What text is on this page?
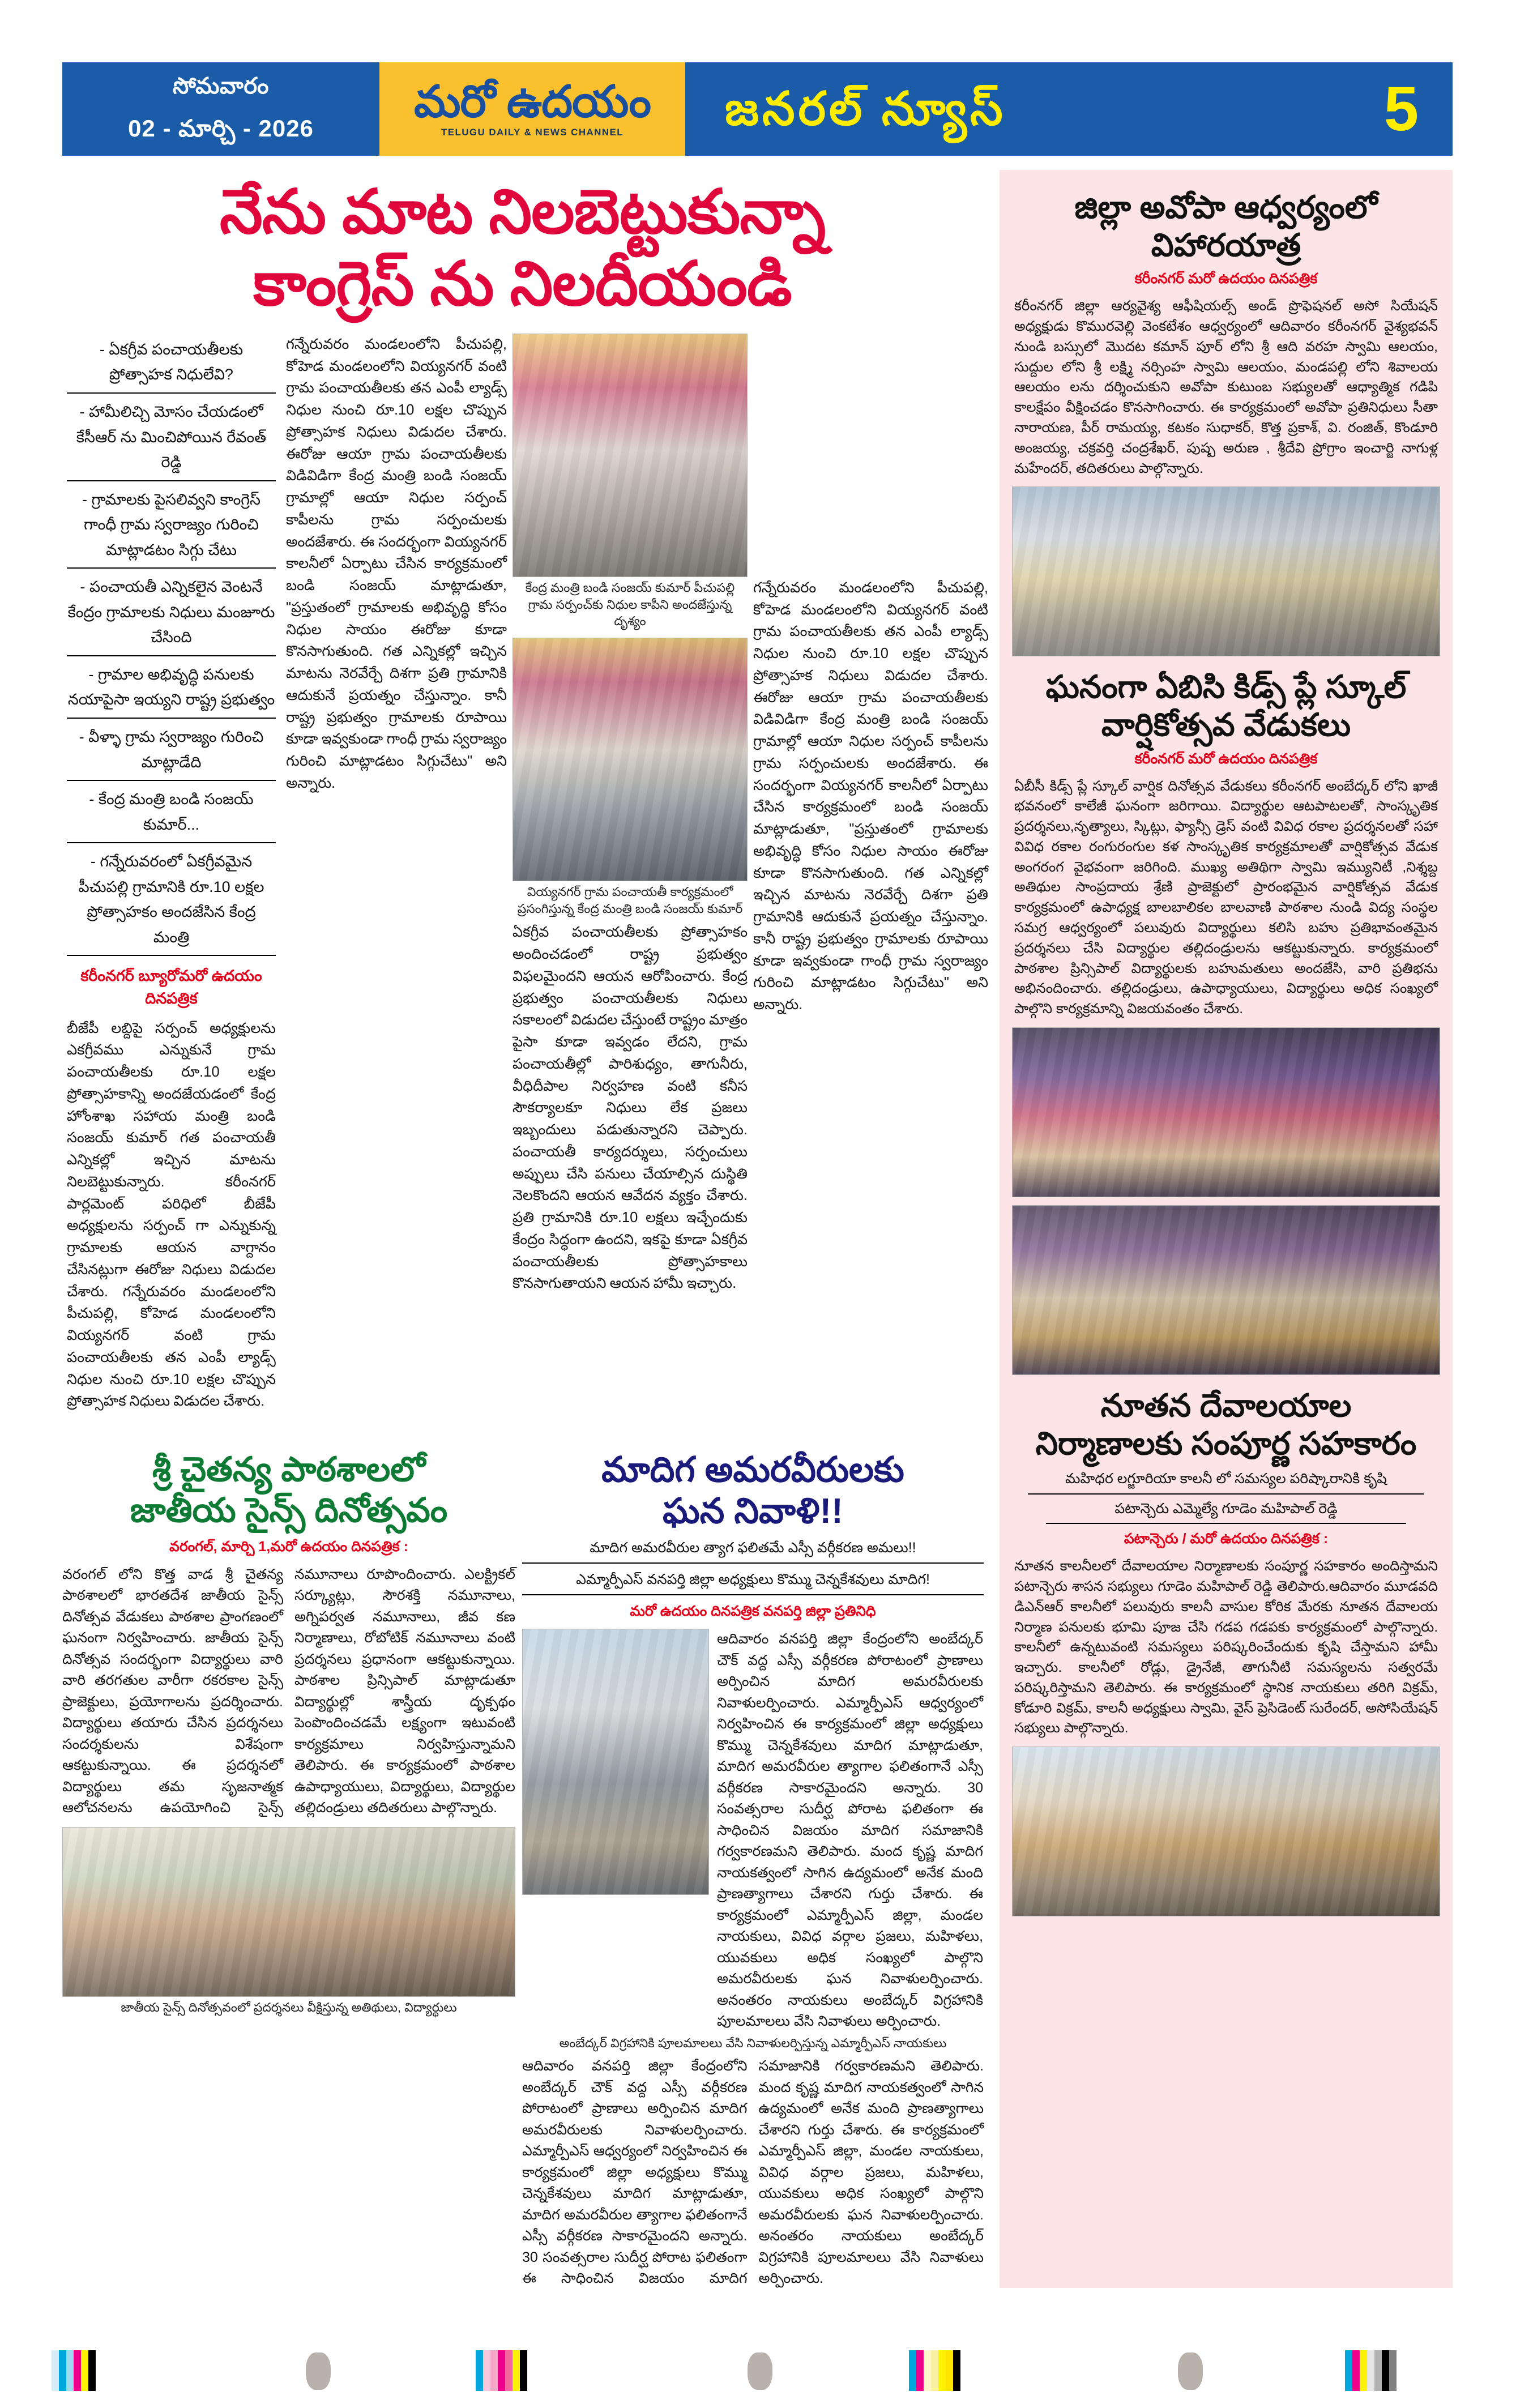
సోమవారం
02 - మార్చి - 2026
మరో ఉదయం
TELUGU DAILY & NEWS CHANNEL జనరల్ న్యూస్	5
నేను మాట నిలబెట్టుకున్నా
కాంగ్రెస్ ను నిలదీయండి
- ఏకగ్రీవ పంచాయతీలకు ప్రోత్సాహక నిధులేవి?
- హామీలిచ్చి మోసం చేయడంలో కేసీఆర్ ను మించిపోయిన రేవంత్ రెడ్డి
- గ్రామాలకు పైసలివ్వని కాంగ్రెస్ గాంధీ గ్రామ స్వరాజ్యం గురించి మాట్లాడటం సిగ్గు చేటు
- పంచాయతీ ఎన్నికలైన వెంటనే కేంద్రం గ్రామాలకు నిధులు మంజూరు చేసింది
- గ్రామాల అభివృద్ధి పనులకు నయాపైసా ఇయ్యని రాష్ట్ర ప్రభుత్వం
- వీళ్ళా గ్రామ స్వరాజ్యం గురించి మాట్లాడేది
- కేంద్ర మంత్రి బండి సంజయ్ కుమార్...
- గన్నేరువరంలో ఏకగ్రీవమైన పీచుపల్లి గ్రామానికి రూ.10 లక్షల ప్రోత్సాహకం అందజేసిన కేంద్ర మంత్రి
కరీంనగర్ బ్యూరోమరో ఉదయం దినపత్రిక
బీజేపీ లబ్దిపై సర్పంచ్ అధ్యక్షులను ఎకగ్రీవము ఎన్నుకునే గ్రామ పంచాయతీలకు రూ.10 లక్షల ప్రోత్సాహకాన్ని అందజేయడంలో కేంద్ర హోంశాఖ సహాయ మంత్రి బండి సంజయ్ కుమార్ గత పంచాయతీ ఎన్నికల్లో ఇచ్చిన మాటను నిలబెట్టుకున్నారు. కరీంనగర్ పార్లమెంట్ పరిధిలో బీజేపీ అధ్యక్షులను సర్పంచ్ గా ఎన్నుకున్న గ్రామాలకు ఆయన వాగ్దానం చేసినట్లుగా ఈరోజు నిధులు విడుదల చేశారు. గన్నేరువరం మండలంలోని పీచుపల్లి, కోహెడ మండలంలోని వియ్యనగర్ వంటి గ్రామ పంచాయతీలకు తన ఎంపీ ల్యాడ్స్ నిధుల నుంచి రూ.10 లక్షల చొప్పున ప్రోత్సాహక నిధులు విడుదల చేశారు.
గన్నేరువరం మండలంలోని పీచుపల్లి, కోహెడ మండలంలోని వియ్యనగర్ వంటి గ్రామ పంచాయతీలకు తన ఎంపీ ల్యాడ్స్ నిధుల నుంచి రూ.10 లక్షల చొప్పున ప్రోత్సాహక నిధులు విడుదల చేశారు. ఈరోజు ఆయా గ్రామ పంచాయతీలకు విడివిడిగా కేంద్ర మంత్రి బండి సంజయ్ గ్రామాల్లో ఆయా నిధుల సర్పంచ్ కాపీలను గ్రామ సర్పంచులకు అందజేశారు. ఈ సందర్భంగా వియ్యనగర్ కాలనీలో ఏర్పాటు చేసిన కార్యక్రమంలో బండి సంజయ్ మాట్లాడుతూ, "ప్రస్తుతంలో గ్రామాలకు అభివృద్ధి కోసం నిధుల సాయం ఈరోజు కూడా కొనసాగుతుంది. గత ఎన్నికల్లో ఇచ్చిన మాటను నెరవేర్చే దిశగా ప్రతి గ్రామానికి ఆదుకునే ప్రయత్నం చేస్తున్నాం. కానీ రాష్ట్ర ప్రభుత్వం గ్రామాలకు రూపాయి కూడా ఇవ్వకుండా గాంధీ గ్రామ స్వరాజ్యం గురించి మాట్లాడటం సిగ్గుచేటు" అని అన్నారు.
కేంద్ర మంత్రి బండి సంజయ్ కుమార్ పీచుపల్లి గ్రామ సర్పంచ్‌కు నిధుల కాపీని అందజేస్తున్న దృశ్యం
వియ్యనగర్ గ్రామ పంచాయతీ కార్యక్రమంలో ప్రసంగిస్తున్న కేంద్ర మంత్రి బండి సంజయ్ కుమార్
ఏకగ్రీవ పంచాయతీలకు ప్రోత్సాహకం అందించడంలో రాష్ట్ర ప్రభుత్వం విఫలమైందని ఆయన ఆరోపించారు. కేంద్ర ప్రభుత్వం పంచాయతీలకు నిధులు సకాలంలో విడుదల చేస్తుంటే రాష్ట్రం మాత్రం పైసా కూడా ఇవ్వడం లేదని, గ్రామ పంచాయతీల్లో పారిశుధ్యం, తాగునీరు, వీధిదీపాల నిర్వహణ వంటి కనీస సౌకర్యాలకూ నిధులు లేక ప్రజలు ఇబ్బందులు పడుతున్నారని చెప్పారు. పంచాయతీ కార్యదర్శులు, సర్పంచులు అప్పులు చేసి పనులు చేయాల్సిన దుస్థితి నెలకొందని ఆయన ఆవేదన వ్యక్తం చేశారు. ప్రతి గ్రామానికి రూ.10 లక్షలు ఇచ్చేందుకు కేంద్రం సిద్ధంగా ఉందని, ఇకపై కూడా ఏకగ్రీవ పంచాయతీలకు ప్రోత్సాహకాలు కొనసాగుతాయని ఆయన హామీ ఇచ్చారు.
గన్నేరువరం మండలంలోని పీచుపల్లి, కోహెడ మండలంలోని వియ్యనగర్ వంటి గ్రామ పంచాయతీలకు తన ఎంపీ ల్యాడ్స్ నిధుల నుంచి రూ.10 లక్షల చొప్పున ప్రోత్సాహక నిధులు విడుదల చేశారు. ఈరోజు ఆయా గ్రామ పంచాయతీలకు విడివిడిగా కేంద్ర మంత్రి బండి సంజయ్ గ్రామాల్లో ఆయా నిధుల సర్పంచ్ కాపీలను గ్రామ సర్పంచులకు అందజేశారు. ఈ సందర్భంగా వియ్యనగర్ కాలనీలో ఏర్పాటు చేసిన కార్యక్రమంలో బండి సంజయ్ మాట్లాడుతూ, "ప్రస్తుతంలో గ్రామాలకు అభివృద్ధి కోసం నిధుల సాయం ఈరోజు కూడా కొనసాగుతుంది. గత ఎన్నికల్లో ఇచ్చిన మాటను నెరవేర్చే దిశగా ప్రతి గ్రామానికి ఆదుకునే ప్రయత్నం చేస్తున్నాం. కానీ రాష్ట్ర ప్రభుత్వం గ్రామాలకు రూపాయి కూడా ఇవ్వకుండా గాంధీ గ్రామ స్వరాజ్యం గురించి మాట్లాడటం సిగ్గుచేటు" అని అన్నారు.
శ్రీ చైతన్య పాఠశాలలో
జాతీయ సైన్స్ దినోత్సవం
వరంగల్, మార్చి 1,మరో ఉదయం దినపత్రిక :
వరంగల్ లోని కొత్త వాడ శ్రీ చైతన్య పాఠశాలలో భారతదేశ జాతీయ సైన్స్ దినోత్సవ వేడుకలు పాఠశాల ప్రాంగణంలో ఘనంగా నిర్వహించారు. జాతీయ సైన్స్ దినోత్సవ సందర్భంగా విద్యార్థులు వారి వారి తరగతుల వారీగా రకరకాల సైన్స్ ప్రాజెక్టులు, ప్రయోగాలను ప్రదర్శించారు. విద్యార్థులు తయారు చేసిన ప్రదర్శనలు సందర్శకులను విశేషంగా ఆకట్టుకున్నాయి. ఈ ప్రదర్శనలో విద్యార్థులు తమ సృజనాత్మక ఆలోచనలను ఉపయోగించి సైన్స్ నమూనాలు రూపొందించారు. ఎలక్ట్రికల్ సర్క్యూట్లు, సౌరశక్తి నమూనాలు, అగ్నిపర్వత నమూనాలు, జీవ కణ నిర్మాణాలు, రోబోటిక్ నమూనాలు వంటి ప్రదర్శనలు ప్రధానంగా ఆకట్టుకున్నాయి. పాఠశాల ప్రిన్సిపాల్ మాట్లాడుతూ విద్యార్థుల్లో శాస్త్రీయ దృక్పథం పెంపొందించడమే లక్ష్యంగా ఇటువంటి కార్యక్రమాలు నిర్వహిస్తున్నామని తెలిపారు. ఈ కార్యక్రమంలో పాఠశాల ఉపాధ్యాయులు, విద్యార్థులు, విద్యార్థుల తల్లిదండ్రులు తదితరులు పాల్గొన్నారు.
జాతీయ సైన్స్ దినోత్సవంలో ప్రదర్శనలు వీక్షిస్తున్న అతిథులు, విద్యార్థులు
మాదిగ అమరవీరులకు
ఘన నివాళి!!
మాదిగ అమరవీరుల త్యాగ ఫలితమే ఎస్సీ వర్గీకరణ అమలు!!
ఎమ్మార్పీఎస్ వనపర్తి జిల్లా అధ్యక్షులు కొమ్ము చెన్నకేశవులు మాదిగ!
మరో ఉదయం దినపత్రిక వనపర్తి జిల్లా ప్రతినిధి
ఆదివారం వనపర్తి జిల్లా కేంద్రంలోని అంబేద్కర్ చౌక్ వద్ద ఎస్సీ వర్గీకరణ పోరాటంలో ప్రాణాలు అర్పించిన మాదిగ అమరవీరులకు నివాళులర్పించారు. ఎమ్మార్పీఎస్ ఆధ్వర్యంలో నిర్వహించిన ఈ కార్యక్రమంలో జిల్లా అధ్యక్షులు కొమ్ము చెన్నకేశవులు మాదిగ మాట్లాడుతూ, మాదిగ అమరవీరుల త్యాగాల ఫలితంగానే ఎస్సీ వర్గీకరణ సాకారమైందని అన్నారు. 30 సంవత్సరాల సుదీర్ఘ పోరాట ఫలితంగా ఈ సాధించిన విజయం మాదిగ సమాజానికి గర్వకారణమని తెలిపారు. మంద కృష్ణ మాదిగ నాయకత్వంలో సాగిన ఉద్యమంలో అనేక మంది ప్రాణత్యాగాలు చేశారని గుర్తు చేశారు. ఈ కార్యక్రమంలో ఎమ్మార్పీఎస్ జిల్లా, మండల నాయకులు, వివిధ వర్గాల ప్రజలు, మహిళలు, యువకులు అధిక సంఖ్యలో పాల్గొని అమరవీరులకు ఘన నివాళులర్పించారు. అనంతరం నాయకులు అంబేద్కర్ విగ్రహానికి పూలమాలలు వేసి నివాళులు అర్పించారు.
అంబేద్కర్ విగ్రహానికి పూలమాలలు వేసి నివాళులర్పిస్తున్న ఎమ్మార్పీఎస్ నాయకులు
ఆదివారం వనపర్తి జిల్లా కేంద్రంలోని అంబేద్కర్ చౌక్ వద్ద ఎస్సీ వర్గీకరణ పోరాటంలో ప్రాణాలు అర్పించిన మాదిగ అమరవీరులకు నివాళులర్పించారు. ఎమ్మార్పీఎస్ ఆధ్వర్యంలో నిర్వహించిన ఈ కార్యక్రమంలో జిల్లా అధ్యక్షులు కొమ్ము చెన్నకేశవులు మాదిగ మాట్లాడుతూ, మాదిగ అమరవీరుల త్యాగాల ఫలితంగానే ఎస్సీ వర్గీకరణ సాకారమైందని అన్నారు. 30 సంవత్సరాల సుదీర్ఘ పోరాట ఫలితంగా ఈ సాధించిన విజయం మాదిగ సమాజానికి గర్వకారణమని తెలిపారు. మంద కృష్ణ మాదిగ నాయకత్వంలో సాగిన ఉద్యమంలో అనేక మంది ప్రాణత్యాగాలు చేశారని గుర్తు చేశారు. ఈ కార్యక్రమంలో ఎమ్మార్పీఎస్ జిల్లా, మండల నాయకులు, వివిధ వర్గాల ప్రజలు, మహిళలు, యువకులు అధిక సంఖ్యలో పాల్గొని అమరవీరులకు ఘన నివాళులర్పించారు. అనంతరం నాయకులు అంబేద్కర్ విగ్రహానికి పూలమాలలు వేసి నివాళులు అర్పించారు.
జిల్లా అవోపా ఆధ్వర్యంలో విహారయాత్ర
కరీంనగర్ మరో ఉదయం దినపత్రిక
కరీంనగర్ జిల్లా ఆర్యవైశ్య ఆఫీషియల్స్ అండ్ ప్రొఫెషనల్ అసో సియేషన్ అధ్యక్షుడు కొముర‌వెల్లి వెంకటేశం ఆధ్వర్యంలో ఆదివారం కరీంనగర్ వైశ్యభవన్ నుండి బస్సులో మొదట కమాన్ పూర్ లోని శ్రీ ఆది వరహ స్వామి ఆలయం, సుద్దుల లోని శ్రీ లక్ష్మి నర్సింహ స్వామి ఆలయం, మండపల్లి లోని శివాలయ ఆలయం లను దర్శించుకుని అవోపా కుటుంబ సభ్యులతో ఆధ్యాత్మిక గడిపి కాలక్షేపం వీక్షించడం కొనసాగించారు. ఈ కార్యక్రమంలో అవోపా ప్రతినిధులు సీతా నారాయణ, పీర్ రామయ్య, కటకం సుధాకర్, కొత్త ప్రకాశ్, వి. రంజిత్, కొండూరి అంజయ్య, చక్రవర్తి చంద్రశేఖర్, పుష్ప అరుణ , శ్రీదేవి ప్రోగ్రాం ఇంచార్జి నాగుళ్ల మహేందర్, తదితరులు పాల్గొన్నారు.
ఘనంగా ఏబిసి కిడ్స్ ప్లే స్కూల్ వార్షికోత్సవ వేడుకలు
కరీంనగర్ మరో ఉదయం దినపత్రిక
ఏబీసీ కిడ్స్ ప్లే స్కూల్ వార్షిక దినోత్సవ వేడుకలు కరీంనగర్ అంబేద్కర్ లోని ఖాజీ భవనంలో కాలేజీ ఘనంగా జరిగాయి. విద్యార్థుల ఆటపాటలతో, సాంస్కృతిక ప్రదర్శనలు,నృత్యాలు, స్కిట్లు, ఫ్యాన్సీ డ్రెస్ వంటి వివిధ రకాల ప్రదర్శనలతో సహా వివిధ రకాల రంగురంగుల కళ సాంస్కృతిక కార్యక్రమాలతో వార్షికోత్సవ వేడుక అంగరంగ వైభవంగా జరిగింది. ముఖ్య అతిథిగా స్వామి ఇమ్యునిటీ ,నిశ్శబ్ద అతిథుల సాంప్రదాయ శ్రేణి ప్రాజెక్టులో ప్రారంభమైన వార్షికోత్సవ వేడుక కార్యక్రమంలో ఉపాధ్యక్ష బాలబాలికల బాలవాణి పాఠశాల నుండి విద్య సంస్థల సమగ్ర ఆధ్వర్యంలో పలువురు విద్యార్థులు కలిసి బహు ప్రతిభావంతమైన ప్రదర్శనలు చేసి విద్యార్థుల తల్లిదండ్రులను ఆకట్టుకున్నారు. కార్యక్రమంలో పాఠశాల ప్రిన్సిపాల్ విద్యార్థులకు బహుమతులు అందజేసి, వారి ప్రతిభను అభినందించారు. తల్లిదండ్రులు, ఉపాధ్యాయులు, విద్యార్థులు అధిక సంఖ్యలో పాల్గొని కార్యక్రమాన్ని విజయవంతం చేశారు.
నూతన దేవాలయాల
నిర్మాణాలకు సంపూర్ణ సహకారం
మహిధర లగ్జూరియా కాలనీ లో సమస్యల పరిష్కారానికి కృషి
పటాన్చెరు ఎమ్మెల్యే గూడెం మహిపాల్ రెడ్డి
పటాన్చెరు / మరో ఉదయం దినపత్రిక :
నూతన కాలనీలలో దేవాలయాల నిర్మాణాలకు సంపూర్ణ సహకారం అందిస్తామని పటాన్చెరు శాసన సభ్యులు గూడెం మహిపాల్ రెడ్డి తెలిపారు.ఆదివారం మూడవది డిఎన్ఆర్ కాలనీలో పలువురు కాలనీ వాసుల కోరిక మేరకు నూతన దేవాలయ నిర్మాణ పనులకు భూమి పూజ చేసి గడప గడపకు కార్యక్రమంలో పాల్గొన్నారు. కాలనీలో ఉన్నటువంటి సమస్యలు పరిష్కరించేందుకు కృషి చేస్తామని హామీ ఇచ్చారు. కాలనీలో రోడ్లు, డ్రైనేజీ, తాగునీటి సమస్యలను సత్వరమే పరిష్కరిస్తామని తెలిపారు. ఈ కార్యక్రమంలో స్థానిక నాయకులు తరిగి విక్రమ్, కోడూరి విక్రమ్, కాలనీ అధ్యక్షులు స్వామి, వైస్ ప్రెసిడెంట్ సురేందర్, అసోసియేషన్ సభ్యులు పాల్గొన్నారు.
